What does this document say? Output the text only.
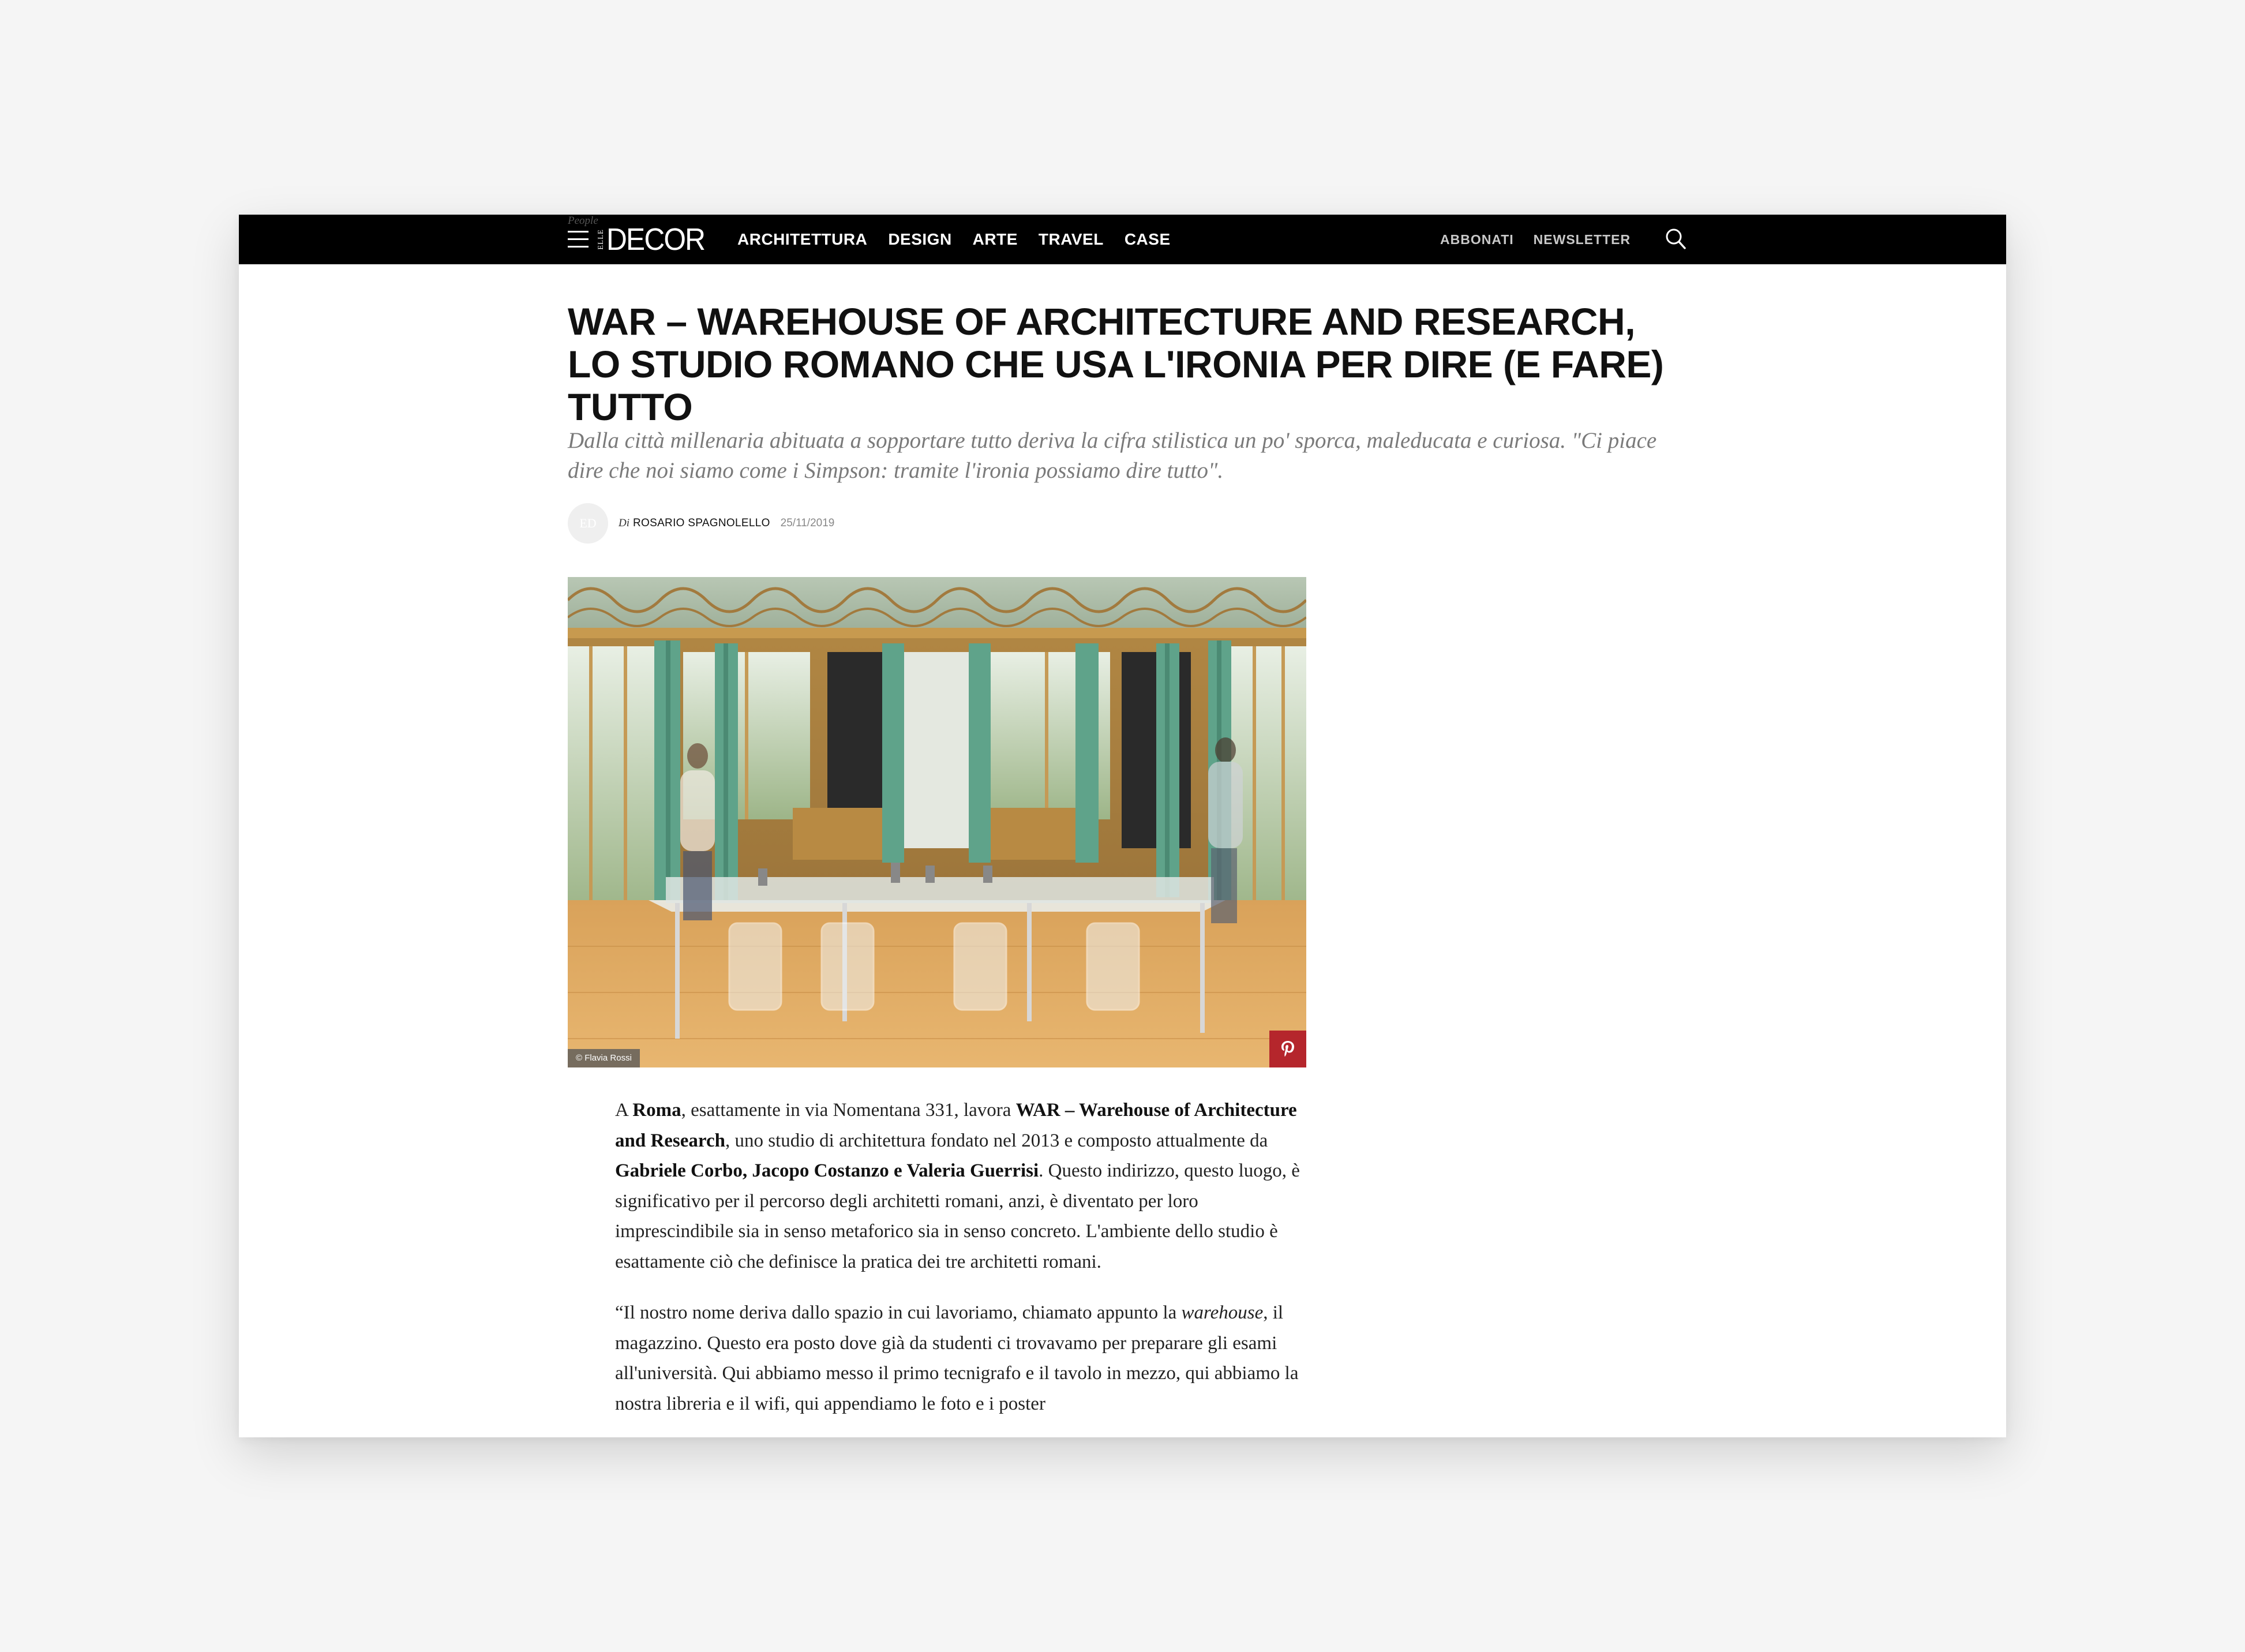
ELLE DECOR ARCHITETTURA DESIGN ARTE TRAVEL CASE	ABBONATI NEWSLETTER
People
WAR – WAREHOUSE OF ARCHITECTURE AND RESEARCH, LO STUDIO ROMANO CHE USA L'IRONIA PER DIRE (E FARE) TUTTO

Dalla città millenaria abituata a sopportare tutto deriva la cifra stilistica un po' sporca, maleducata e curiosa. "Ci piace dire che noi siamo come i Simpson: tramite l'ironia possiamo dire tutto".

ED	Di ROSARIO SPAGNOLELLO 25/11/2019
© Flavia Rossi

A Roma, esattamente in via Nomentana 331, lavora WAR – Warehouse of Architecture and Research, uno studio di architettura fondato nel 2013 e composto attualmente da Gabriele Corbo, Jacopo Costanzo e Valeria Guerrisi. Questo indirizzo, questo luogo, è significativo per il percorso degli architetti romani, anzi, è diventato per loro imprescindibile sia in senso metaforico sia in senso concreto. L'ambiente dello studio è esattamente ciò che definisce la pratica dei tre architetti romani.

“Il nostro nome deriva dallo spazio in cui lavoriamo, chiamato appunto la warehouse, il magazzino. Questo era posto dove già da studenti ci trovavamo per preparare gli esami all'università. Qui abbiamo messo il primo tecnigrafo e il tavolo in mezzo, qui abbiamo la nostra libreria e il wifi, qui appendiamo le foto e i poster
